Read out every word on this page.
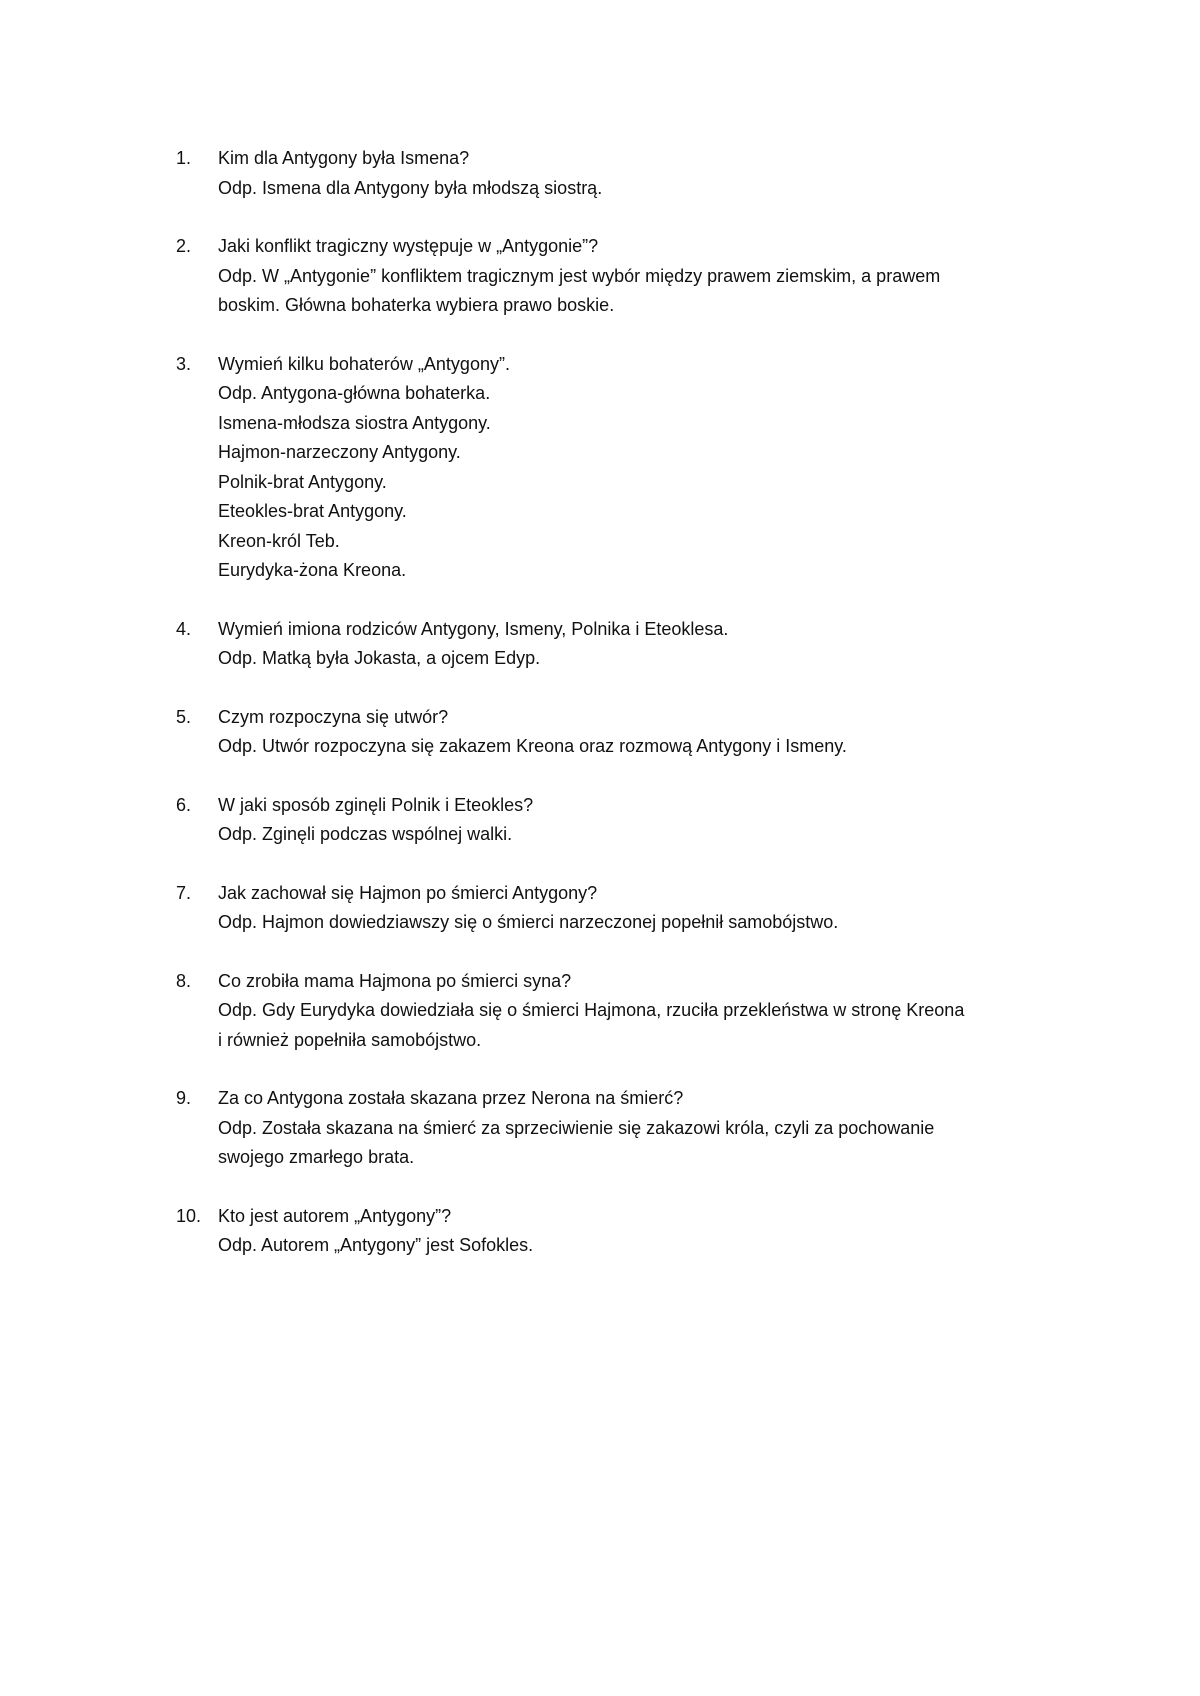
1. Kim dla Antygony była Ismena?
Odp. Ismena dla Antygony była młodszą siostrą.
2. Jaki konflikt tragiczny występuje w „Antygonie”?
Odp. W „Antygonie” konfliktem tragicznym jest wybór między prawem ziemskim, a prawem
boskim. Główna bohaterka wybiera prawo boskie.
3. Wymień kilku bohaterów „Antygony”.
Odp. Antygona-główna bohaterka.
Ismena-młodsza siostra Antygony.
Hajmon-narzeczony Antygony.
Polnik-brat Antygony.
Eteokles-brat Antygony.
Kreon-król Teb.
Eurydyka-żona Kreona.
4. Wymień imiona rodziców Antygony, Ismeny, Polnika i Eteoklesa.
Odp. Matką była Jokasta, a ojcem Edyp.
5. Czym rozpoczyna się utwór?
Odp. Utwór rozpoczyna się zakazem Kreona oraz rozmową Antygony i Ismeny.
6. W jaki sposób zginęli Polnik i Eteokles?
Odp. Zginęli podczas wspólnej walki.
7. Jak zachował się Hajmon po śmierci Antygony?
Odp. Hajmon dowiedziawszy się o śmierci narzeczonej popełnił samobójstwo.
8. Co zrobiła mama Hajmona po śmierci syna?
Odp. Gdy Eurydyka dowiedziała się o śmierci Hajmona, rzuciła przekleństwa w stronę Kreona
i również popełniła samobójstwo.
9. Za co Antygona została skazana przez Nerona na śmierć?
Odp. Została skazana na śmierć za sprzeciwienie się zakazowi króla, czyli za pochowanie
swojego zmarłego brata.
10. Kto jest autorem „Antygony”?
Odp. Autorem „Antygony” jest Sofokles.
